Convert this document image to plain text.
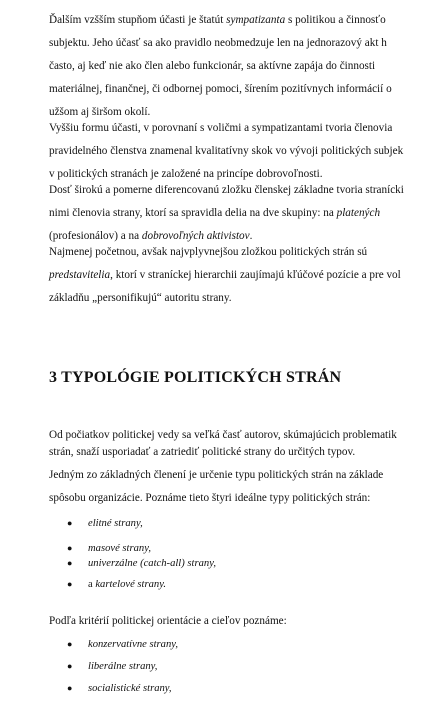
Ďalším vzšším stupňom účasti je štatút sympatizanta s politikou a činnosťo
subjektu. Jeho účasť sa ako pravidlo neobmedzuje len na jednorazový akt h
často, aj keď nie ako člen alebo funkcionár, sa aktívne zapája do činnosti
materiálnej, finančnej, či odbornej pomoci, šírením pozitívnych informácií o
užšom aj širšom okolí.
Vyššiu formu účasti, v porovnaní s voličmi a sympatizantami tvoria členovia
pravidelného členstva znamenal kvalitatívny skok vo vývoji politických subjek
v politických stranách je založené na princípe dobrovoľnosti.
Dosť širokú a pomerne diferencovanú zložku členskej základne tvoria stranícki
nimi členovia strany, ktorí sa spravidla delia na dve skupiny: na platených
(profesionálov) a na dobrovoľných aktivistov.
Najmenej početnou, avšak najvplyvnejšou zložkou politických strán sú
predstavitelia, ktorí v straníckej hierarchii zaujímajú kľúčové pozície a pre vol
základňu „personifikujú“ autoritu strany.
3 TYPOLÓGIE POLITICKÝCH STRÁN
Od počiatkov politickej vedy sa veľká časť autorov, skúmajúcich problematik
strán, snaží usporiadať a zatriediť politické strany do určitých typov.
Jedným zo základných členení je určenie typu politických strán na základe
spôsobu organizácie. Poznáme tieto štyri ideálne typy politických strán:
● elitné strany,
● masové strany,
● univerzálne (catch-all) strany,
● a kartelové strany.
Podľa kritérií politickej orientácie a cieľov poznáme:
● konzervatívne strany,
● liberálne strany,
● socialistické strany,
